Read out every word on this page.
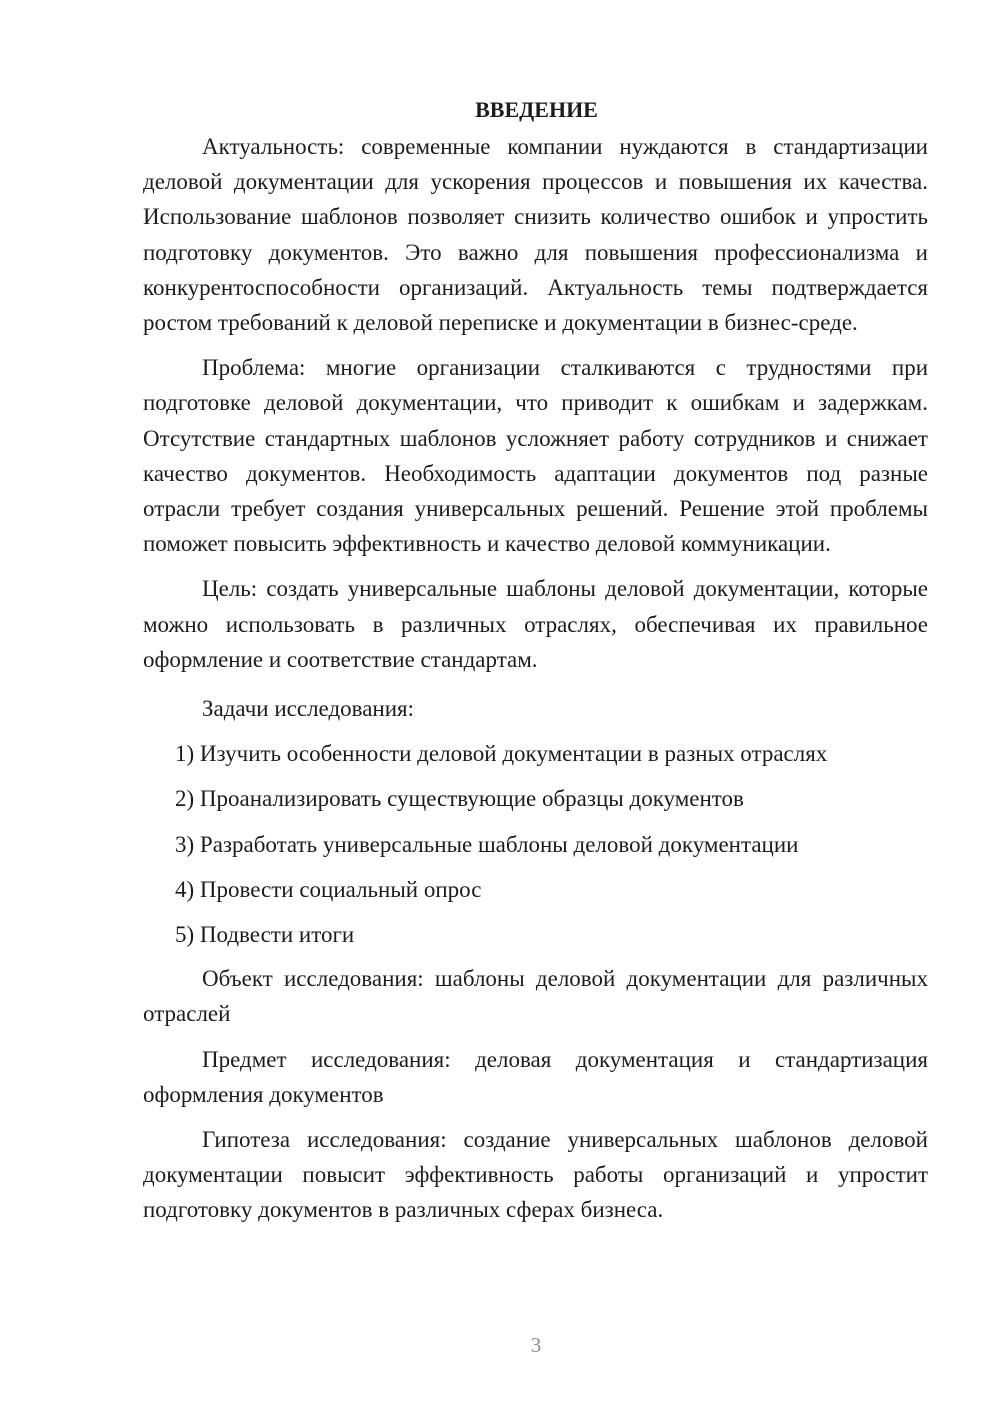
ВВЕДЕНИЕ

Актуальность: современные компании нуждаются в стандартизации деловой документации для ускорения процессов и повышения их качества. Использование шаблонов позволяет снизить количество ошибок и упростить подготовку документов. Это важно для повышения профессионализма и конкурентоспособности организаций. Актуальность темы подтверждается ростом требований к деловой переписке и документации в бизнес-среде.

Проблема: многие организации сталкиваются с трудностями при подготовке деловой документации, что приводит к ошибкам и задержкам. Отсутствие стандартных шаблонов усложняет работу сотрудников и снижает качество документов. Необходимость адаптации документов под разные отрасли требует создания универсальных решений. Решение этой проблемы поможет повысить эффективность и качество деловой коммуникации.

Цель: создать универсальные шаблоны деловой документации, которые можно использовать в различных отраслях, обеспечивая их правильное оформление и соответствие стандартам.

Задачи исследования:

1) Изучить особенности деловой документации в разных отраслях
2) Проанализировать существующие образцы документов
3) Разработать универсальные шаблоны деловой документации
4) Провести социальный опрос
5) Подвести итоги

Объект исследования: шаблоны деловой документации для различных отраслей

Предмет исследования: деловая документация и стандартизация оформления документов

Гипотеза исследования: создание универсальных шаблонов деловой документации повысит эффективность работы организаций и упростит подготовку документов в различных сферах бизнеса.

3
